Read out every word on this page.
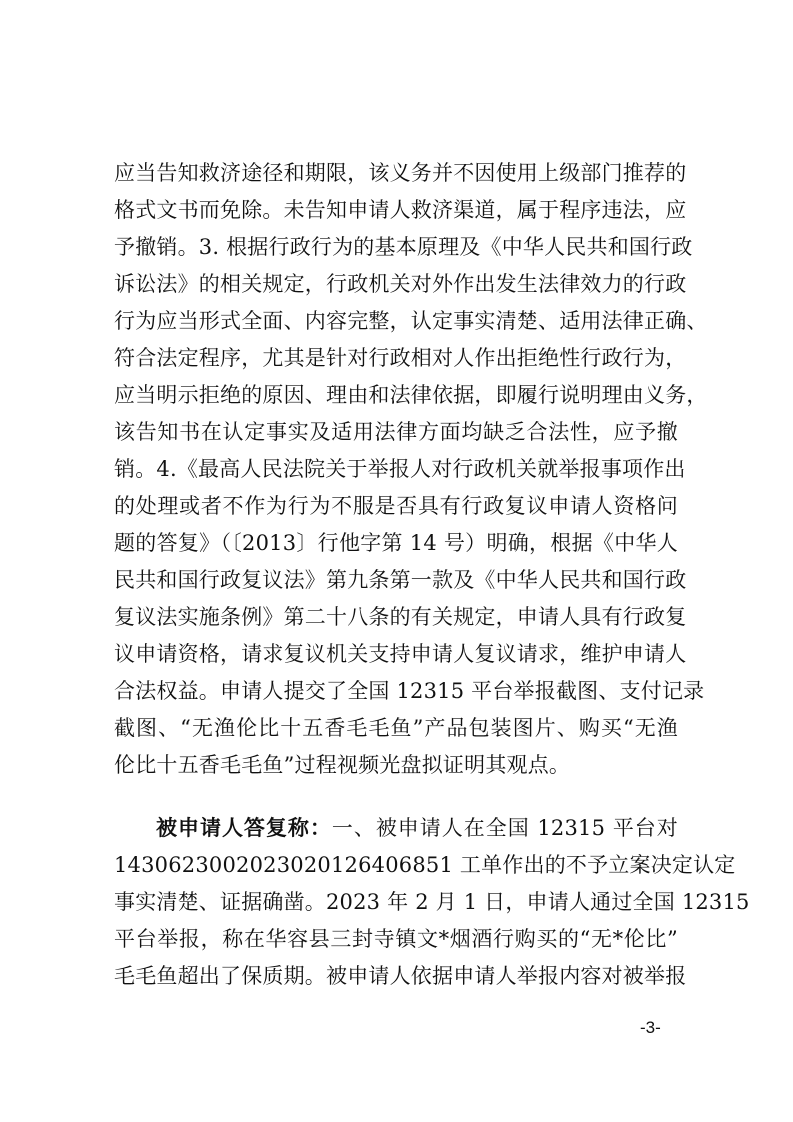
应当告知救济途径和期限，该义务并不因使用上级部门推荐的
格式文书而免除。未告知申请人救济渠道，属于程序违法，应
予撤销。3. 根据行政行为的基本原理及《中华人民共和国行政
诉讼法》的相关规定，行政机关对外作出发生法律效力的行政
行为应当形式全面、内容完整，认定事实清楚、适用法律正确、
符合法定程序，尤其是针对行政相对人作出拒绝性行政行为，
应当明示拒绝的原因、理由和法律依据，即履行说明理由义务，
该告知书在认定事实及适用法律方面均缺乏合法性，应予撤
销。4.《最高人民法院关于举报人对行政机关就举报事项作出
的处理或者不作为行为不服是否具有行政复议申请人资格问
题的答复》（〔2013〕行他字第 14 号）明确，根据《中华人
民共和国行政复议法》第九条第一款及《中华人民共和国行政
复议法实施条例》第二十八条的有关规定，申请人具有行政复
议申请资格，请求复议机关支持申请人复议请求，维护申请人
合法权益。申请人提交了全国 12315 平台举报截图、支付记录
截图、“无渔伦比十五香毛毛鱼”产品包装图片、购买“无渔
伦比十五香毛毛鱼”过程视频光盘拟证明其观点。
被申请人答复称：一、被申请人在全国 12315 平台对
14306230020230201264068​51 工单作出的不予立案决定认定
事实清楚、证据确凿。2023 年 2 月 1 日，申请人通过全国 12315
平台举报，称在华容县三封寺镇文*烟酒行购买的“无*伦比”
毛毛鱼超出了保质期。被申请人依据申请人举报内容对被举报
-3-
